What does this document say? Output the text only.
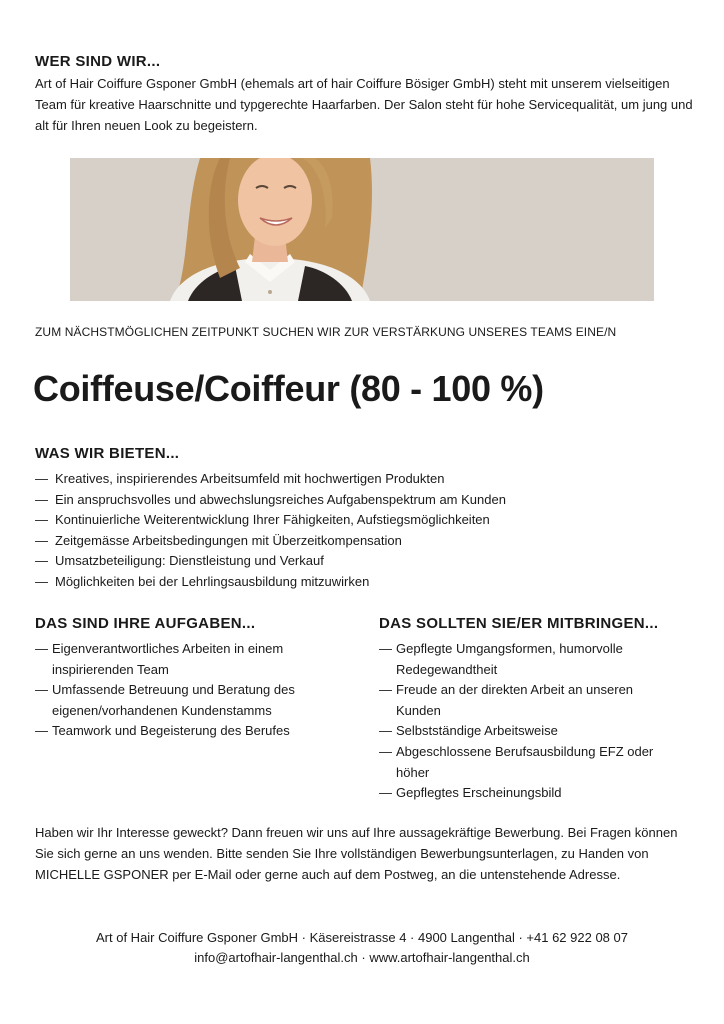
WER SIND WIR...

Art of Hair Coiffure Gsponer GmbH (ehemals art of hair Coiffure Bösiger GmbH) steht mit unserem vielseitigen Team für kreative Haarschnitte und typgerechte Haarfarben. Der Salon steht für hohe Servicequalität, um jung und alt für Ihren neuen Look zu begeistern.

ZUM NÄCHSTMÖGLICHEN ZEITPUNKT SUCHEN WIR ZUR VERSTÄRKUNG UNSERES TEAMS EINE/N
Coiffeuse/Coiffeur (80 - 100 %)
WAS WIR BIETEN...
— Kreatives, inspirierendes Arbeitsumfeld mit hochwertigen Produkten
— Ein anspruchsvolles und abwechslungsreiches Aufgabenspektrum am Kunden
— Kontinuierliche Weiterentwicklung Ihrer Fähigkeiten, Aufstiegsmöglichkeiten
— Zeitgemässe Arbeitsbedingungen mit Überzeitkompensation
— Umsatzbeteiligung: Dienstleistung und Verkauf
— Möglichkeiten bei der Lehrlingsausbildung mitzuwirken
DAS SIND IHRE AUFGABEN...
— Eigenverantwortliches Arbeiten in einem inspirierenden Team
— Umfassende Betreuung und Beratung des eigenen/vorhandenen Kundenstamms
— Teamwork und Begeisterung des Berufes
DAS SOLLTEN SIE/ER MITBRINGEN...
— Gepflegte Umgangsformen, humorvolle Redegewandtheit
— Freude an der direkten Arbeit an unseren Kunden
— Selbstständige Arbeitsweise
— Abgeschlossene Berufsausbildung EFZ oder höher
— Gepflegtes Erscheinungsbild

Haben wir Ihr Interesse geweckt? Dann freuen wir uns auf Ihre aussagekräftige Bewerbung. Bei Fragen können Sie sich gerne an uns wenden. Bitte senden Sie Ihre vollständigen Bewerbungsunterlagen, zu Handen von MICHELLE GSPONER per E-Mail oder gerne auch auf dem Postweg, an die untenstehende Adresse.

Art of Hair Coiffure Gsponer GmbH · Käsereistrasse 4 · 4900 Langenthal · +41 62 922 08 07
info@artofhair-langenthal.ch · www.artofhair-langenthal.ch
